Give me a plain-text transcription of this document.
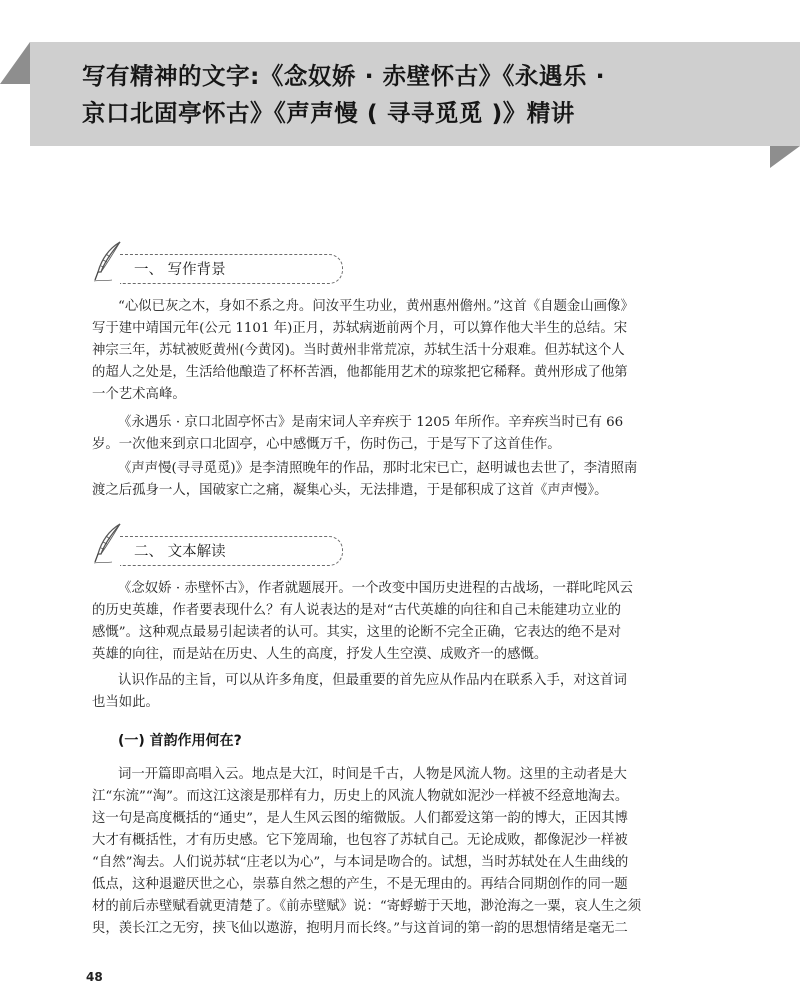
写有精神的文字:《念奴娇 · 赤壁怀古》《永遇乐 ·
京口北固亭怀古》《声声慢 ( 寻寻觅觅 )》精讲
一、 写作背景
“心似已灰之木，身如不系之舟。问汝平生功业，黄州惠州儋州。”这首《自题金山画像》
写于建中靖国元年(公元 1101 年)正月，苏轼病逝前两个月，可以算作他大半生的总结。宋
神宗三年，苏轼被贬黄州(今黄冈)。当时黄州非常荒凉，苏轼生活十分艰难。但苏轼这个人
的超人之处是，生活给他酿造了杯杯苦酒，他都能用艺术的琼浆把它稀释。黄州形成了他第
一个艺术高峰。
《永遇乐 · 京口北固亭怀古》是南宋词人辛弃疾于 1205 年所作。辛弃疾当时已有 66
岁。一次他来到京口北固亭，心中感慨万千，伤时伤己，于是写下了这首佳作。
《声声慢(寻寻觅觅)》是李清照晚年的作品，那时北宋已亡，赵明诚也去世了，李清照南
渡之后孤身一人，国破家亡之痛，凝集心头，无法排遣，于是郁积成了这首《声声慢》。
二、 文本解读
《念奴娇 · 赤壁怀古》，作者就题展开。一个改变中国历史进程的古战场，一群叱咤风云
的历史英雄，作者要表现什么？有人说表达的是对“古代英雄的向往和自己未能建功立业的
感慨”。这种观点最易引起读者的认可。其实，这里的论断不完全正确，它表达的绝不是对
英雄的向往，而是站在历史、人生的高度，抒发人生空漠、成败齐一的感慨。
认识作品的主旨，可以从许多角度，但最重要的首先应从作品内在联系入手，对这首词
也当如此。
(一) 首韵作用何在?
词一开篇即高唱入云。地点是大江，时间是千古，人物是风流人物。这里的主动者是大
江“东流”“淘”。而这江这滚是那样有力，历史上的风流人物就如泥沙一样被不经意地淘去。
这一句是高度概括的“通史”，是人生风云图的缩微版。人们都爱这第一韵的博大，正因其博
大才有概括性，才有历史感。它下笼周瑜，也包容了苏轼自己。无论成败，都像泥沙一样被
“自然”淘去。人们说苏轼“庄老以为心”，与本词是吻合的。试想，当时苏轼处在人生曲线的
低点，这种退避厌世之心，崇慕自然之想的产生，不是无理由的。再结合同期创作的同一题
材的前后赤壁赋看就更清楚了。《前赤壁赋》说：“寄蜉蝣于天地，渺沧海之一粟，哀人生之须
臾，羡长江之无穷，挟飞仙以遨游，抱明月而长终。”与这首词的第一韵的思想情绪是毫无二
48
